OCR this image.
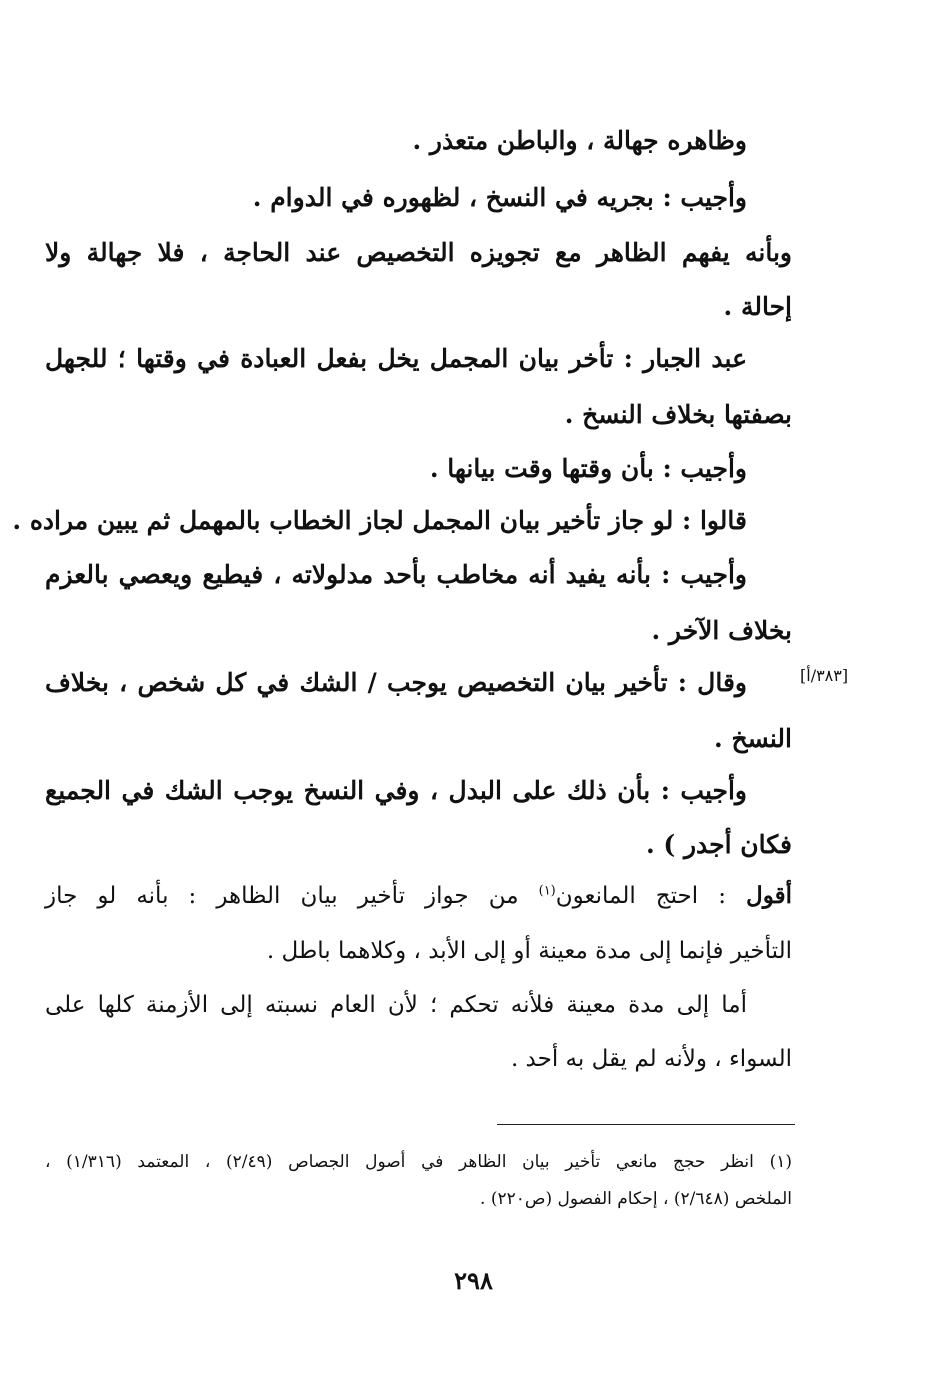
وظاهره جهالة ، والباطن متعذر .
وأجيب : بجريه في النسخ ، لظهوره في الدوام .
وبأنه يفهم الظاهر مع تجويزه التخصيص عند الحاجة ، فلا جهالة ولا
إحالة .
عبد الجبار : تأخر بيان المجمل يخل بفعل العبادة في وقتها ؛ للجهل
بصفتها بخلاف النسخ .
وأجيب : بأن وقتها وقت بيانها .
قالوا : لو جاز تأخير بيان المجمل لجاز الخطاب بالمهمل ثم يبين مراده .
وأجيب : بأنه يفيد أنه مخاطب بأحد مدلولاته ، فيطيع ويعصي بالعزم
بخلاف الآخر .
وقال : تأخير بيان التخصيص يوجب / الشك في كل شخص ، بخلاف	[٣٨٣/أ]
النسخ .
وأجيب : بأن ذلك على البدل ، وفي النسخ يوجب الشك في الجميع
فكان أجدر ) .
أقول : احتج المانعون$^{(١)}$ من جواز تأخير بيان الظاهر : بأنه لو جاز
التأخير فإنما إلى مدة معينة أو إلى الأبد ، وكلاهما باطل .
أما إلى مدة معينة فلأنه تحكم ؛ لأن العام نسبته إلى الأزمنة كلها على
السواء ، ولأنه لم يقل به أحد .
(١) انظر حجج مانعي تأخير بيان الظاهر في أصول الجصاص (٢/٤٩) ، المعتمد (١/٣١٦) ،
الملخص (٢/٦٤٨) ، إحكام الفصول (ص٢٢٠) .
٢٩٨
